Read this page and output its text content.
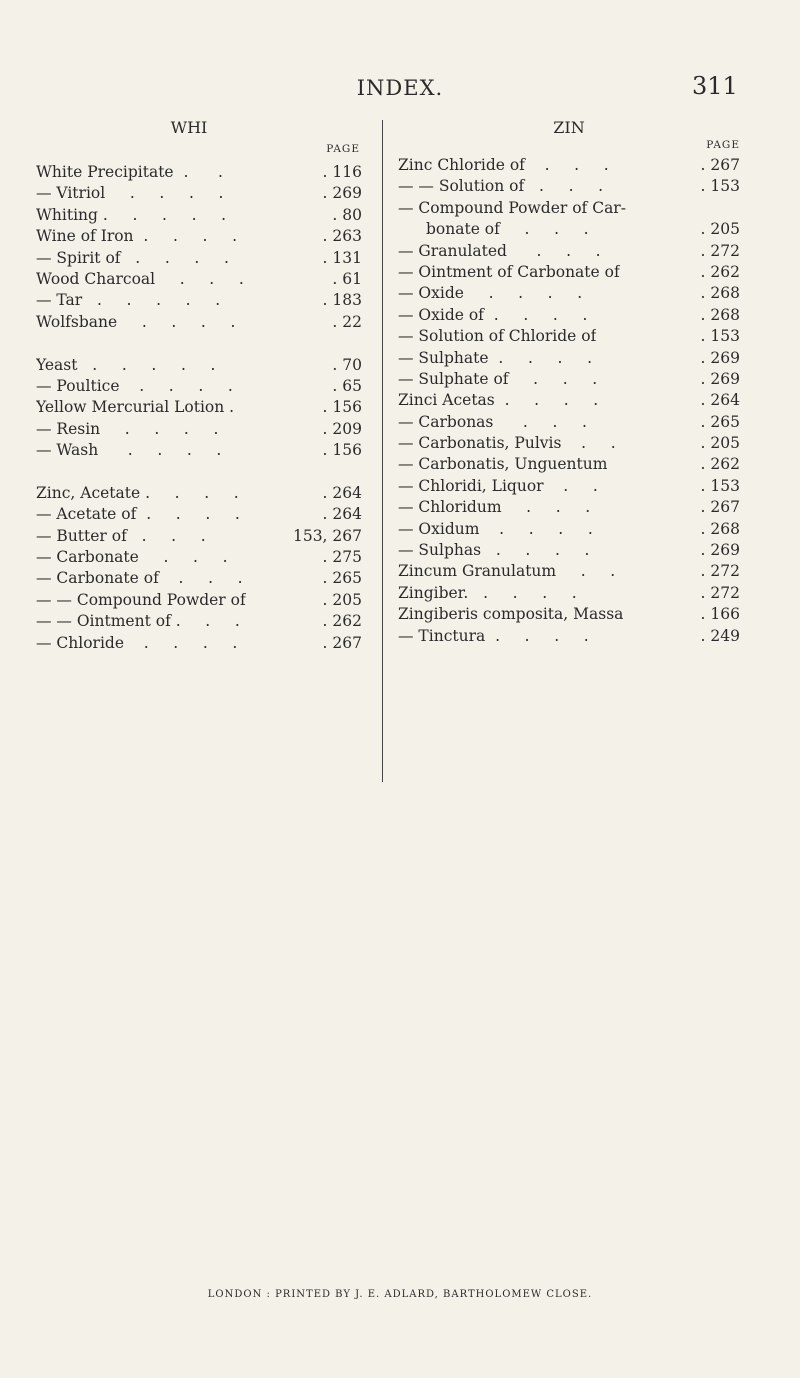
INDEX.	311
WHI
PAGE
White Precipitate  .      .	. 116
— Vitriol     .     .     .     .	. 269
Whiting .     .     .     .     .	. 80
Wine of Iron  .     .     .     .	. 263
— Spirit of   .     .     .     .	. 131
Wood Charcoal     .     .     .	. 61
— Tar   .     .     .     .     .	. 183
Wolfsbane     .     .     .     .	. 22
Yeast   .     .     .     .     .	. 70
— Poultice    .     .     .     .	. 65
Yellow Mercurial Lotion .	. 156
— Resin     .     .     .     .	. 209
— Wash      .     .     .     .	. 156
Zinc, Acetate .     .     .     .	. 264
— Acetate of  .     .     .     .	. 264
— Butter of   .     .     .	153, 267
— Carbonate     .     .     .	. 275
— Carbonate of    .     .     .	. 265
— — Compound Powder of	. 205
— — Ointment of .     .     .	. 262
— Chloride    .     .     .     .	. 267
ZIN
PAGE
Zinc Chloride of    .     .     .	. 267
— — Solution of   .     .     .	. 153
— Compound Powder of Car-
bonate of     .     .     .	. 205
— Granulated      .     .     .	. 272
— Ointment of Carbonate of	. 262
— Oxide     .     .     .     .	. 268
— Oxide of  .     .     .     .	. 268
— Solution of Chloride of	. 153
— Sulphate  .     .     .     .	. 269
— Sulphate of     .     .     .	. 269
Zinci Acetas  .     .     .     .	. 264
— Carbonas      .     .     .	. 265
— Carbonatis, Pulvis    .     .	. 205
— Carbonatis, Unguentum	. 262
— Chloridi, Liquor    .     .	. 153
— Chloridum     .     .     .	. 267
— Oxidum    .     .     .     .	. 268
— Sulphas   .     .     .     .	. 269
Zincum Granulatum     .     .	. 272
Zingiber.   .     .     .     .	. 272
Zingiberis composita, Massa	. 166
— Tinctura  .     .     .     .	. 249
LONDON : PRINTED BY J. E. ADLARD, BARTHOLOMEW CLOSE.
